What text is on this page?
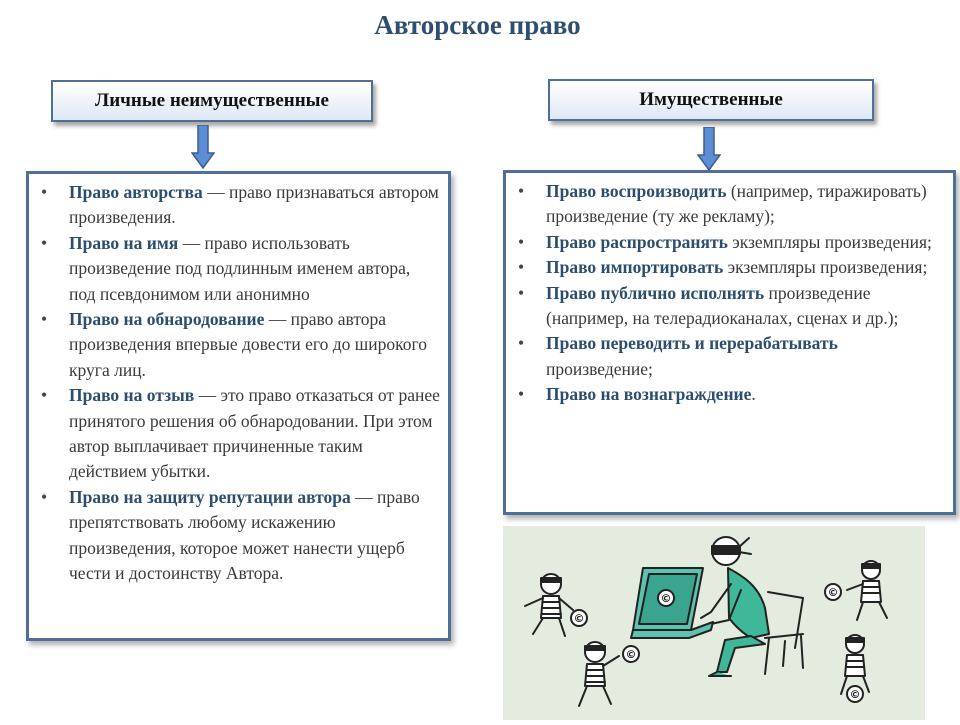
Авторское право
Личные неимущественные	Имущественные
• Право авторства — право признаваться автором произведения.
• Право на имя — право использовать произведение под подлинным именем автора, под псевдонимом или анонимно
• Право на обнародование — право автора произведения впервые довести его до широкого круга лиц.
• Право на отзыв — это право отказаться от ранее принятого решения об обнародовании. При этом автор выплачивает причиненные таким действием убытки.
• Право на защиту репутации автора — право препятствовать любому искажению произведения, которое может нанести ущерб чести и достоинству Автора.
• Право воспроизводить (например, тиражировать) произведение (ту же рекламу);
• Право распространять экземпляры произведения;
• Право импортировать экземпляры произведения;
• Право публично исполнять произведение (например, на телерадиоканалах, сценах и др.);
• Право переводить и перерабатывать произведение;
• Право на вознаграждение.
©
©
©
©
©
